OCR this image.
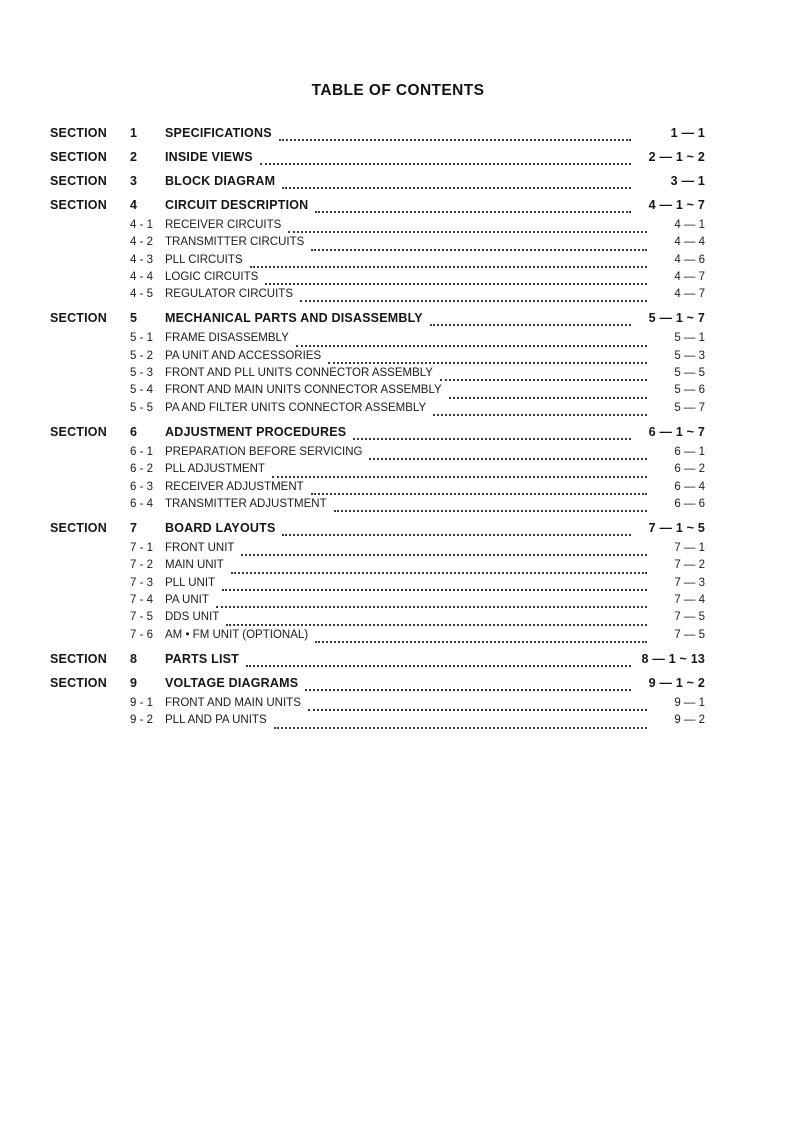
TABLE OF CONTENTS
SECTION	1	SPECIFICATIONS	1 — 1
SECTION	2	INSIDE VIEWS	2 — 1 ~ 2
SECTION	3	BLOCK DIAGRAM	3 — 1
SECTION	4	CIRCUIT DESCRIPTION	4 — 1 ~ 7
4 - 1	RECEIVER CIRCUITS	4 — 1
4 - 2	TRANSMITTER CIRCUITS	4 — 4
4 - 3	PLL CIRCUITS	4 — 6
4 - 4	LOGIC CIRCUITS	4 — 7
4 - 5	REGULATOR CIRCUITS	4 — 7
SECTION	5	MECHANICAL PARTS AND DISASSEMBLY	5 — 1 ~ 7
5 - 1	FRAME DISASSEMBLY	5 — 1
5 - 2	PA UNIT AND ACCESSORIES	5 — 3
5 - 3	FRONT AND PLL UNITS CONNECTOR ASSEMBLY	5 — 5
5 - 4	FRONT AND MAIN UNITS CONNECTOR ASSEMBLY	5 — 6
5 - 5	PA AND FILTER UNITS CONNECTOR ASSEMBLY	5 — 7
SECTION	6	ADJUSTMENT PROCEDURES	6 — 1 ~ 7
6 - 1	PREPARATION BEFORE SERVICING	6 — 1
6 - 2	PLL ADJUSTMENT	6 — 2
6 - 3	RECEIVER ADJUSTMENT	6 — 4
6 - 4	TRANSMITTER ADJUSTMENT	6 — 6
SECTION	7	BOARD LAYOUTS	7 — 1 ~ 5
7 - 1	FRONT UNIT	7 — 1
7 - 2	MAIN UNIT	7 — 2
7 - 3	PLL UNIT	7 — 3
7 - 4	PA UNIT	7 — 4
7 - 5	DDS UNIT	7 — 5
7 - 6	AM • FM UNIT (OPTIONAL)	7 — 5
SECTION	8	PARTS LIST	8 — 1 ~ 13
SECTION	9	VOLTAGE DIAGRAMS	9 — 1 ~ 2
9 - 1	FRONT AND MAIN UNITS	9 — 1
9 - 2	PLL AND PA UNITS	9 — 2
